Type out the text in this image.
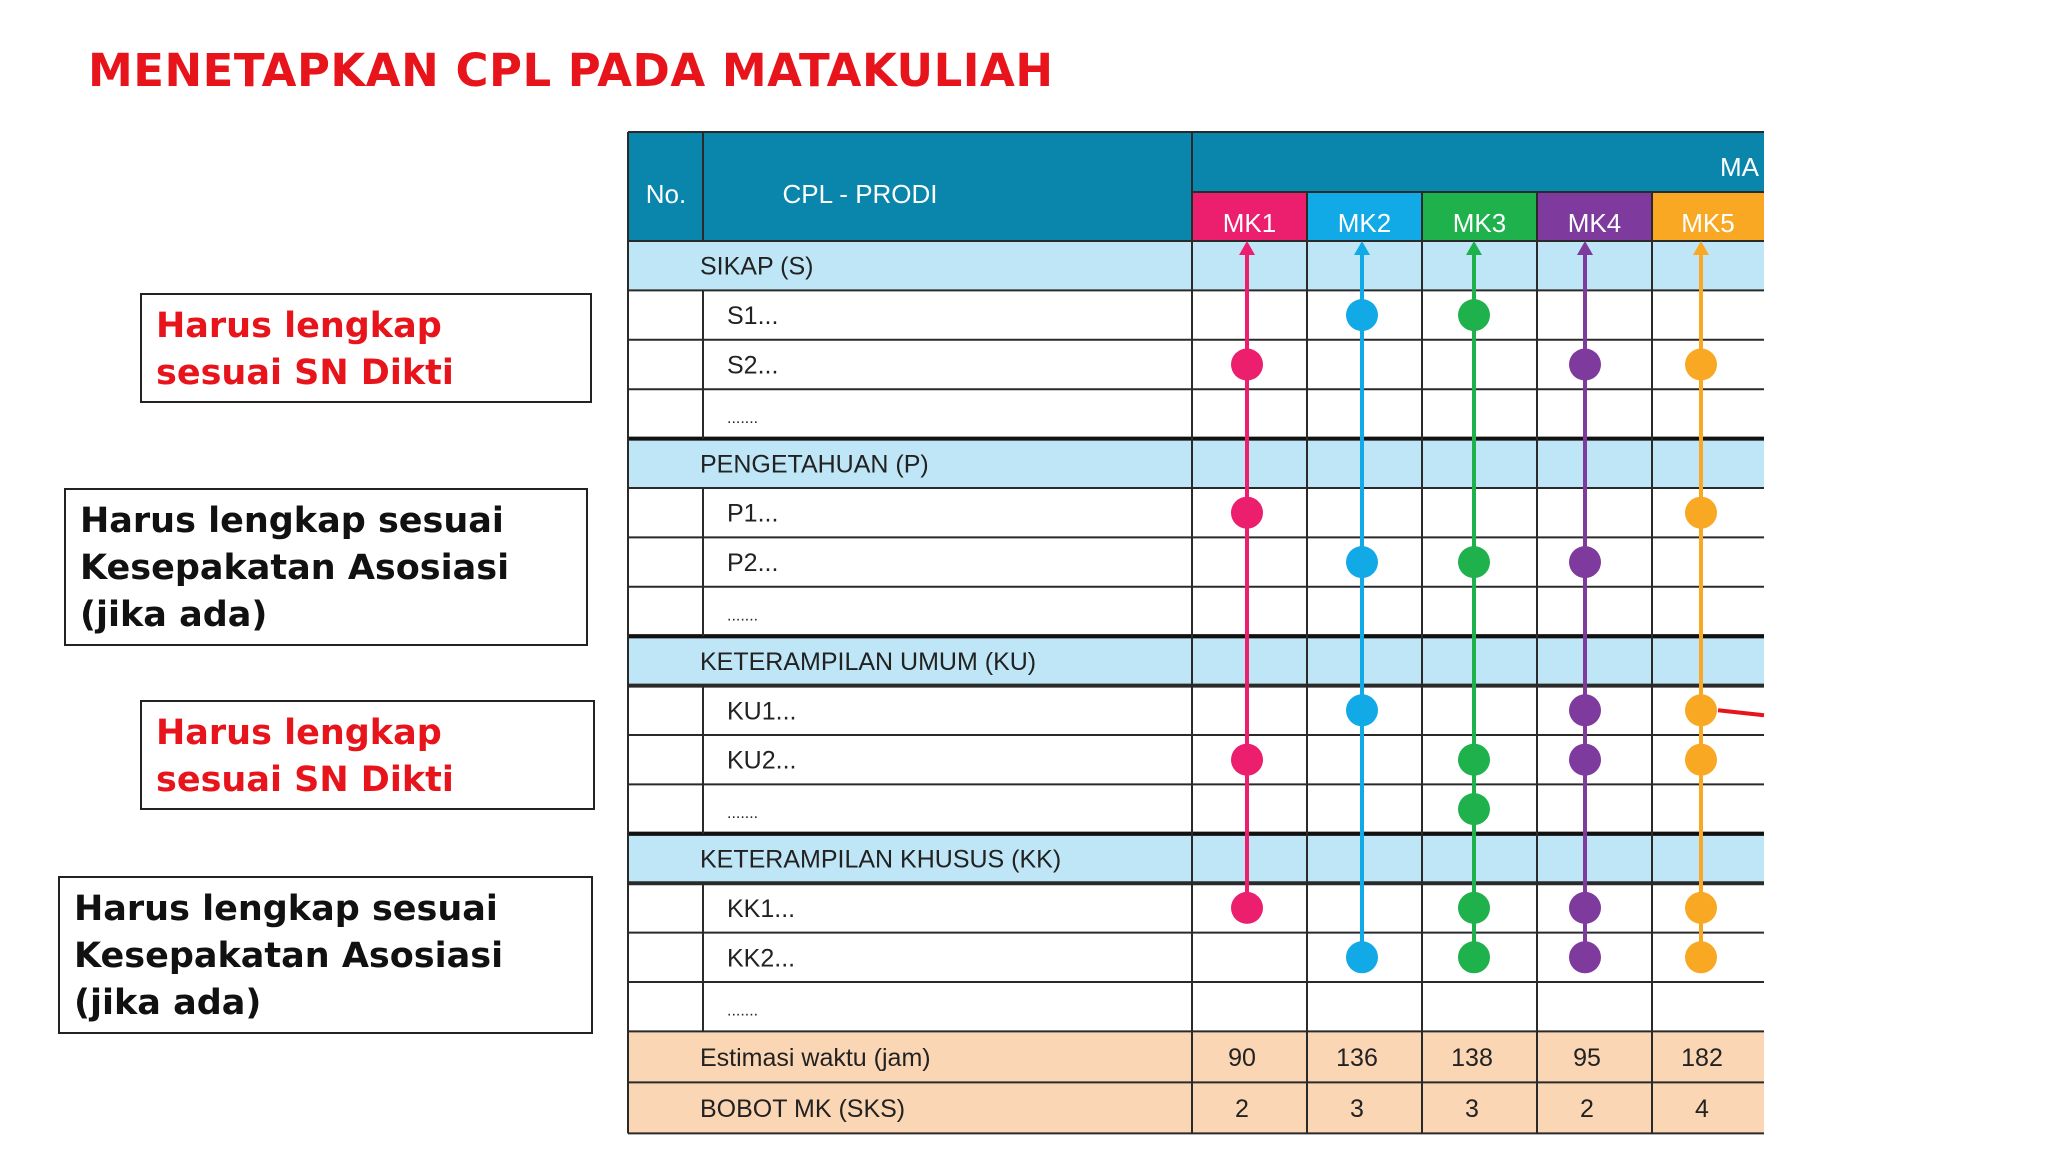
MENETAPKAN CPL PADA MATAKULIAH
Harus lengkap sesuai SN Dikti
Harus lengkap sesuai Kesepakatan Asosiasi (jika ada)
Harus lengkap sesuai SN Dikti
Harus lengkap sesuai Kesepakatan Asosiasi (jika ada)
No.	CPL - PRODI
MA
MK1 MK2 MK3 MK4 MK5
SIKAP (S)
S1...
S2...
.......
PENGETAHUAN (P)
P1...
P2...
.......
KETERAMPILAN UMUM (KU)
KU1...
KU2...
.......
KETERAMPILAN KHUSUS (KK)
KK1...
KK2...
.......
Estimasi waktu (jam)	90	136	138	95	182
BOBOT MK (SKS)	2	3	3	2	4
